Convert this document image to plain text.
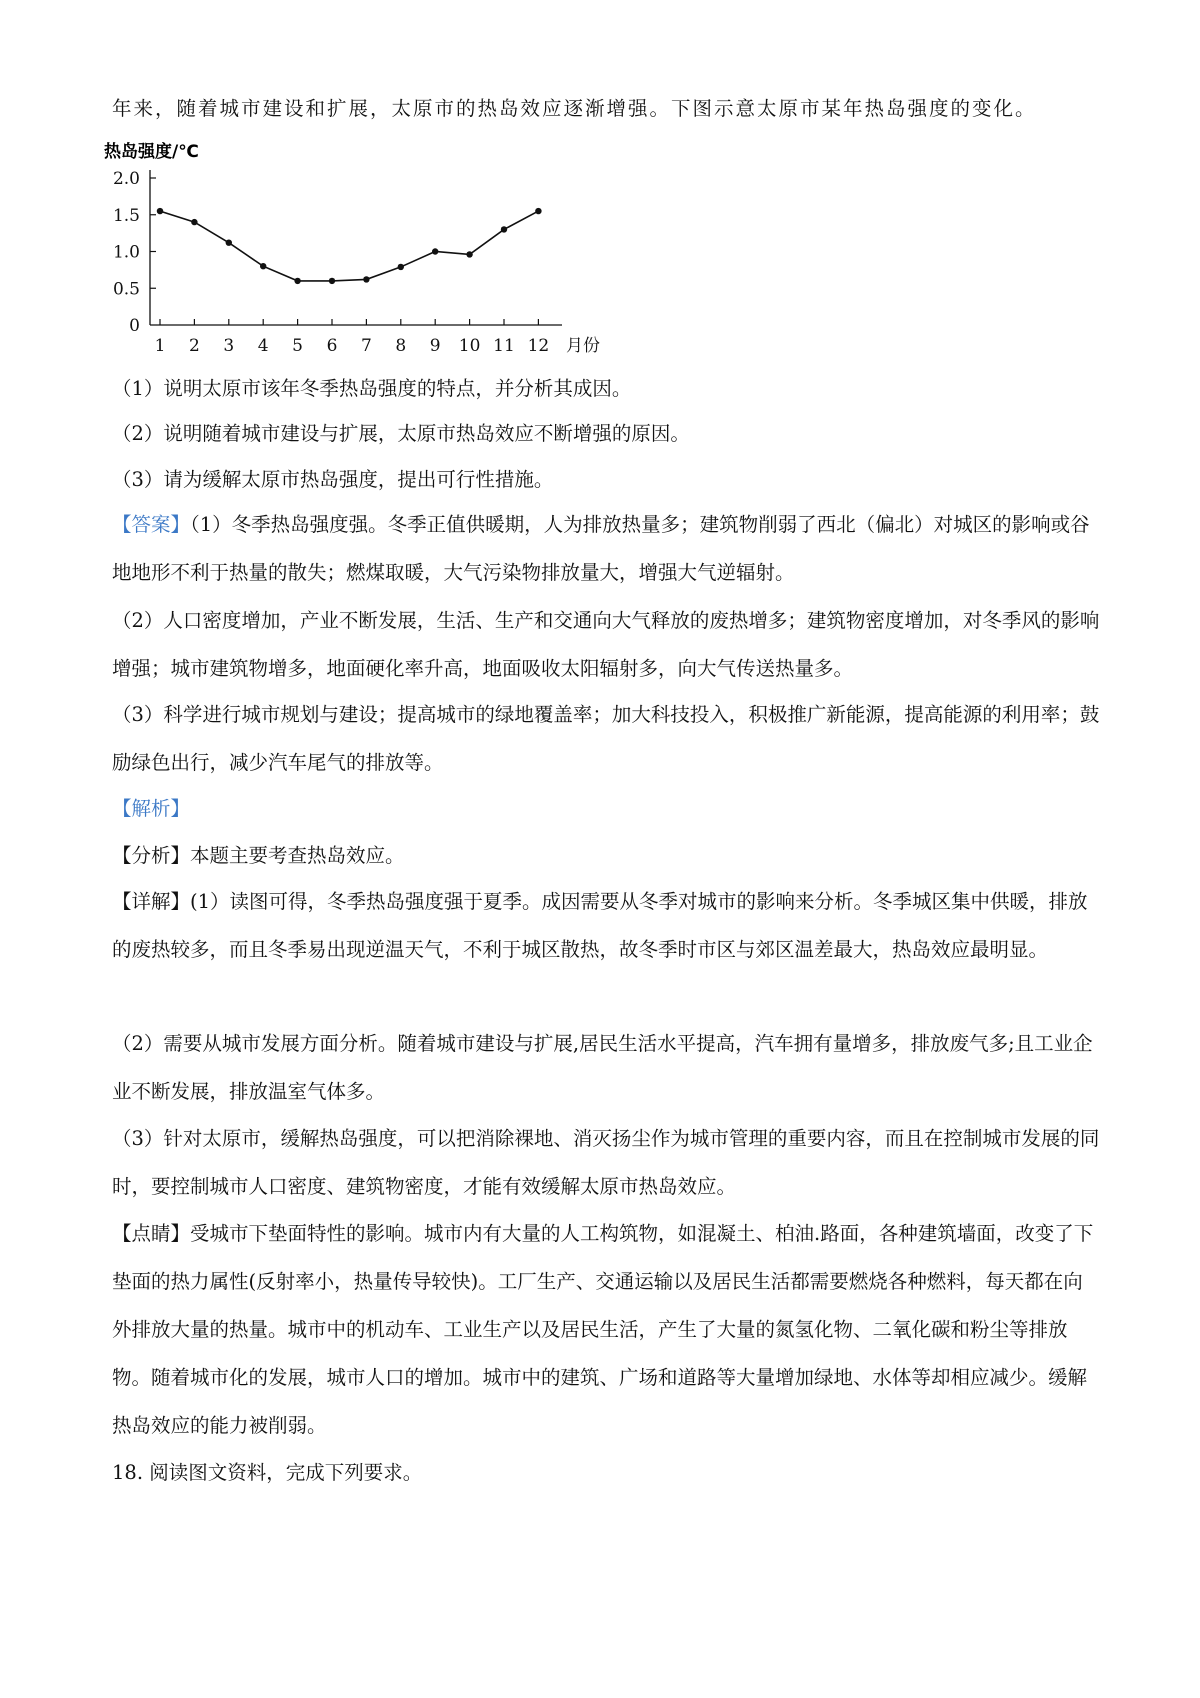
年来，随着城市建设和扩展，太原市的热岛效应逐渐增强。下图示意太原市某年热岛强度的变化。

热岛强度/℃
2.0
1.5
1.0
0.5
0
1 2 3 4 5 6 7 8 9 10 11 12 月份

（1）说明太原市该年冬季热岛强度的特点，并分析其成因。

（2）说明随着城市建设与扩展，太原市热岛效应不断增强的原因。

（3）请为缓解太原市热岛强度，提出可行性措施。

【答案】（1）冬季热岛强度强。冬季正值供暖期，人为排放热量多；建筑物削弱了西北（偏北）对城区的影响或谷地地形不利于热量的散失；燃煤取暖，大气污染物排放量大，增强大气逆辐射。

（2）人口密度增加，产业不断发展，生活、生产和交通向大气释放的废热增多；建筑物密度增加，对冬季风的影响增强；城市建筑物增多，地面硬化率升高，地面吸收太阳辐射多，向大气传送热量多。

（3）科学进行城市规划与建设；提高城市的绿地覆盖率；加大科技投入，积极推广新能源，提高能源的利用率；鼓励绿色出行，减少汽车尾气的排放等。

【解析】

【分析】本题主要考查热岛效应。

【详解】(1）读图可得，冬季热岛强度强于夏季。成因需要从冬季对城市的影响来分析。冬季城区集中供暖，排放的废热较多，而且冬季易出现逆温天气，不利于城区散热，故冬季时市区与郊区温差最大，热岛效应最明显。

（2）需要从城市发展方面分析。随着城市建设与扩展,居民生活水平提高，汽车拥有量增多，排放废气多;且工业企业不断发展，排放温室气体多。

（3）针对太原市，缓解热岛强度，可以把消除裸地、消灭扬尘作为城市管理的重要内容，而且在控制城市发展的同时，要控制城市人口密度、建筑物密度，才能有效缓解太原市热岛效应。

【点睛】受城市下垫面特性的影响。城市内有大量的人工构筑物，如混凝土、柏油.路面，各种建筑墙面，改变了下垫面的热力属性(反射率小，热量传导较快)。工厂生产、交通运输以及居民生活都需要燃烧各种燃料，每天都在向外排放大量的热量。城市中的机动车、工业生产以及居民生活，产生了大量的氮氢化物、二氧化碳和粉尘等排放物。随着城市化的发展，城市人口的增加。城市中的建筑、广场和道路等大量增加绿地、水体等却相应减少。缓解热岛效应的能力被削弱。

18. 阅读图文资料，完成下列要求。
